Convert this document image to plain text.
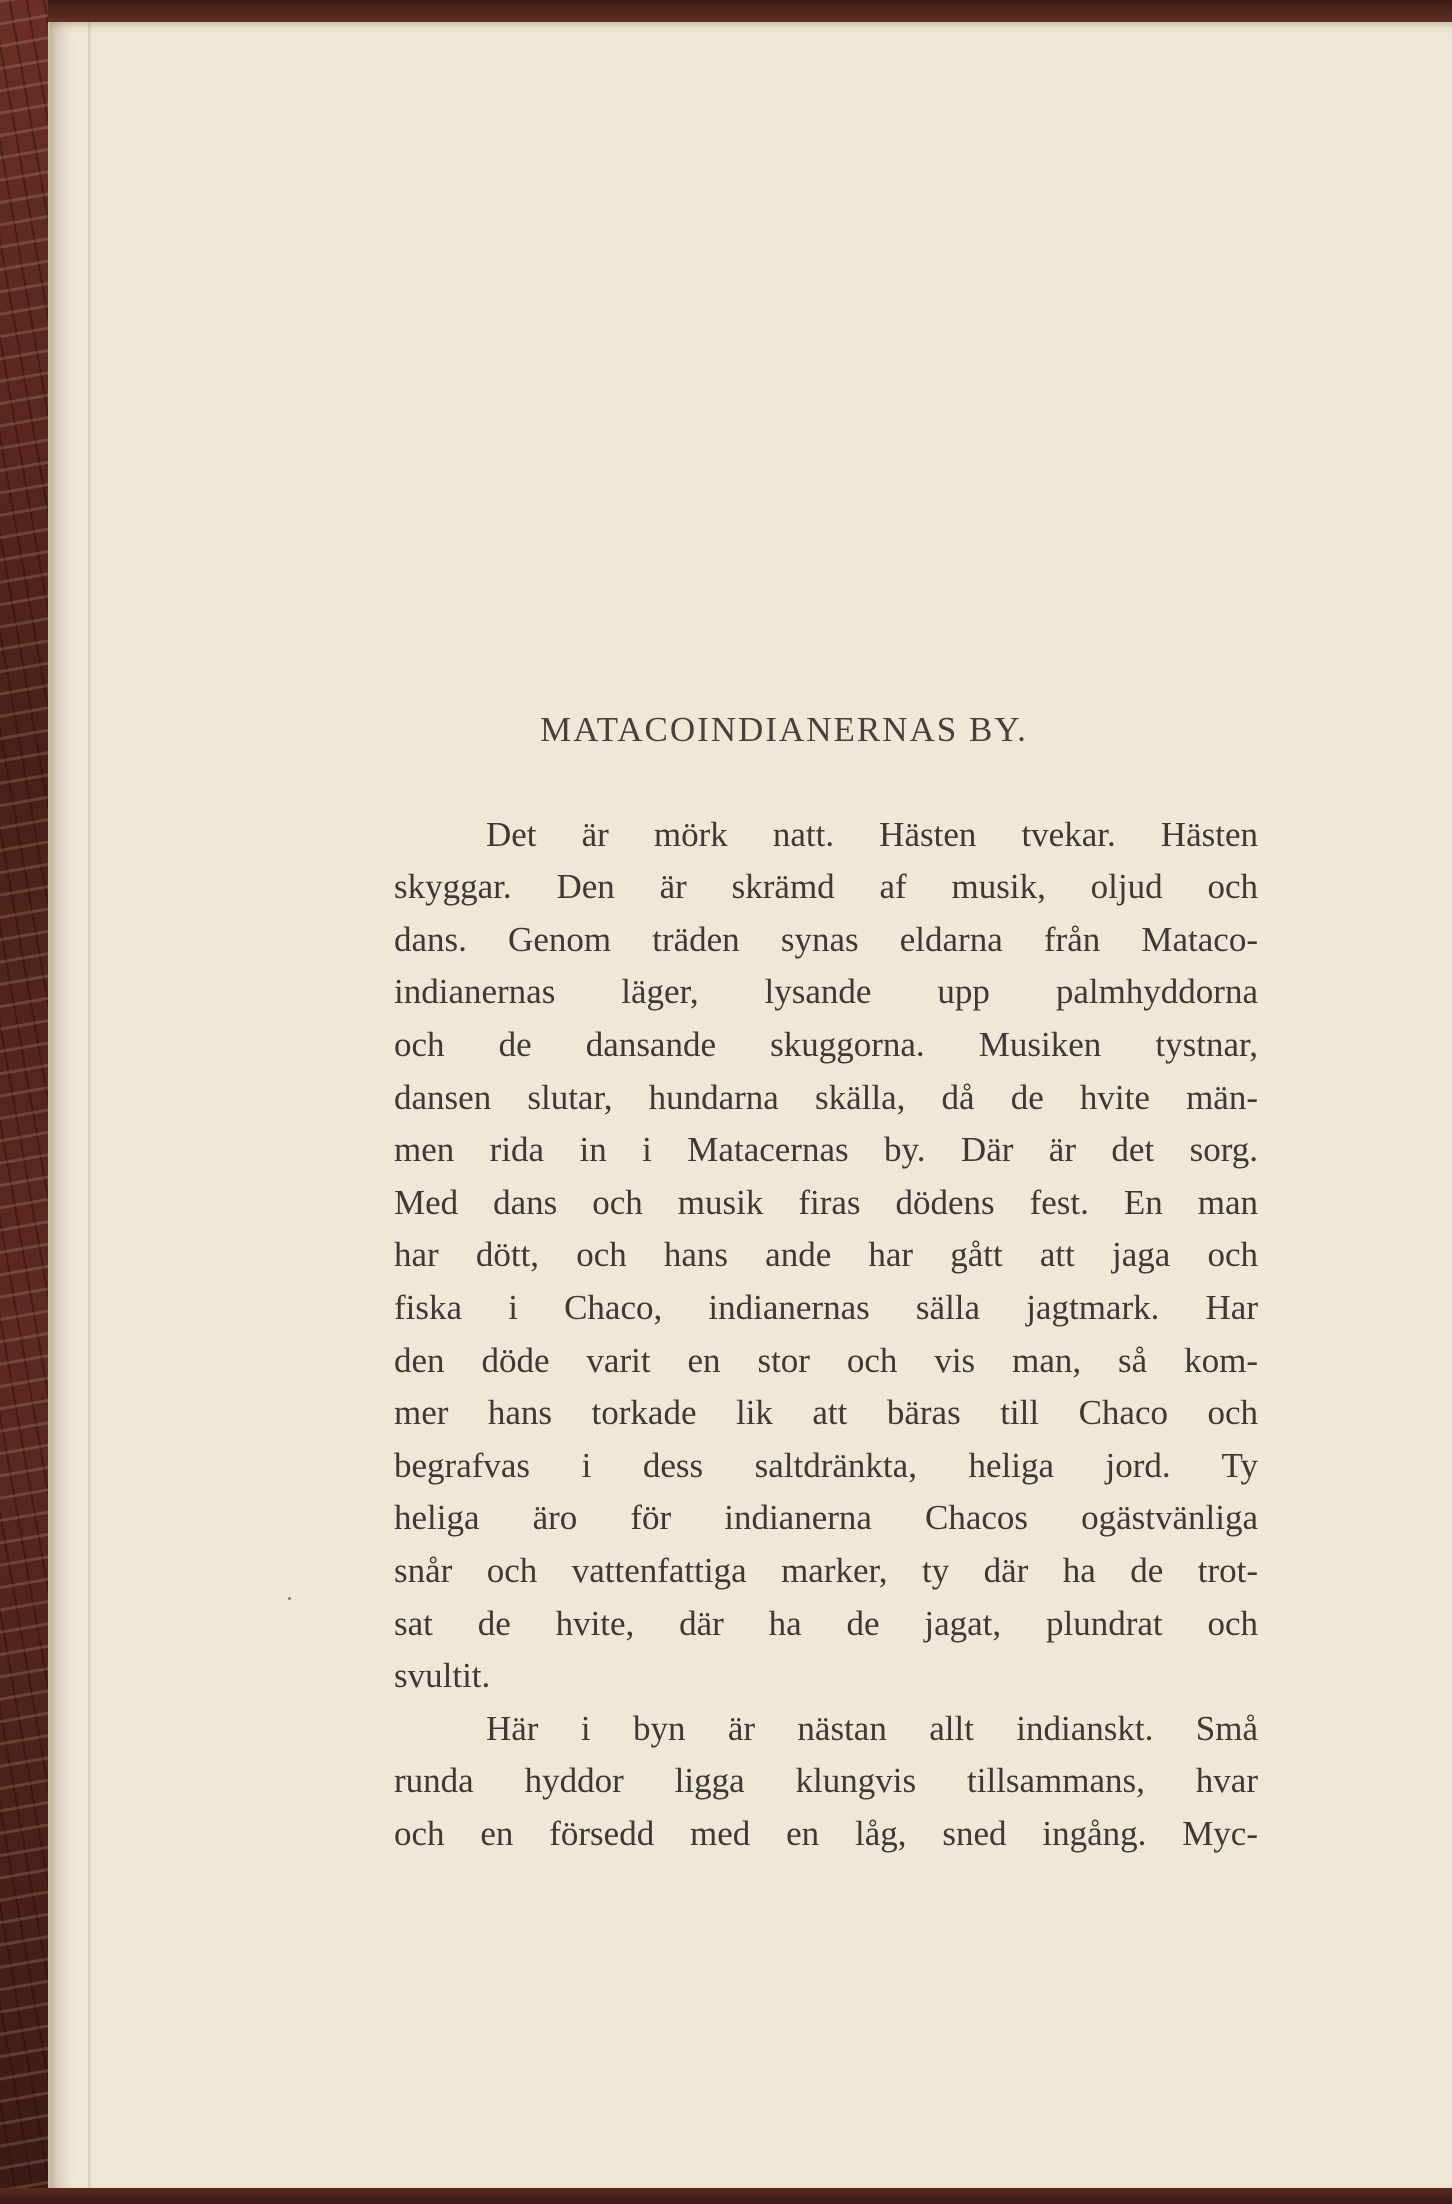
MATACOINDIANERNAS BY.
Det är mörk natt. Hästen tvekar. Hästen
skyggar. Den är skrämd af musik, oljud och
dans. Genom träden synas eldarna från Mataco-
indianernas läger, lysande upp palmhyddorna
och de dansande skuggorna. Musiken tystnar,
dansen slutar, hundarna skälla, då de hvite män-
men rida in i Matacernas by. Där är det sorg.
Med dans och musik firas dödens fest. En man
har dött, och hans ande har gått att jaga och
fiska i Chaco, indianernas sälla jagtmark. Har
den döde varit en stor och vis man, så kom-
mer hans torkade lik att bäras till Chaco och
begrafvas i dess saltdränkta, heliga jord. Ty
heliga äro för indianerna Chacos ogästvänliga
snår och vattenfattiga marker, ty där ha de trot-
sat de hvite, där ha de jagat, plundrat och
svultit.
Här i byn är nästan allt indianskt. Små
runda hyddor ligga klungvis tillsammans, hvar
och en försedd med en låg, sned ingång. Myc-
